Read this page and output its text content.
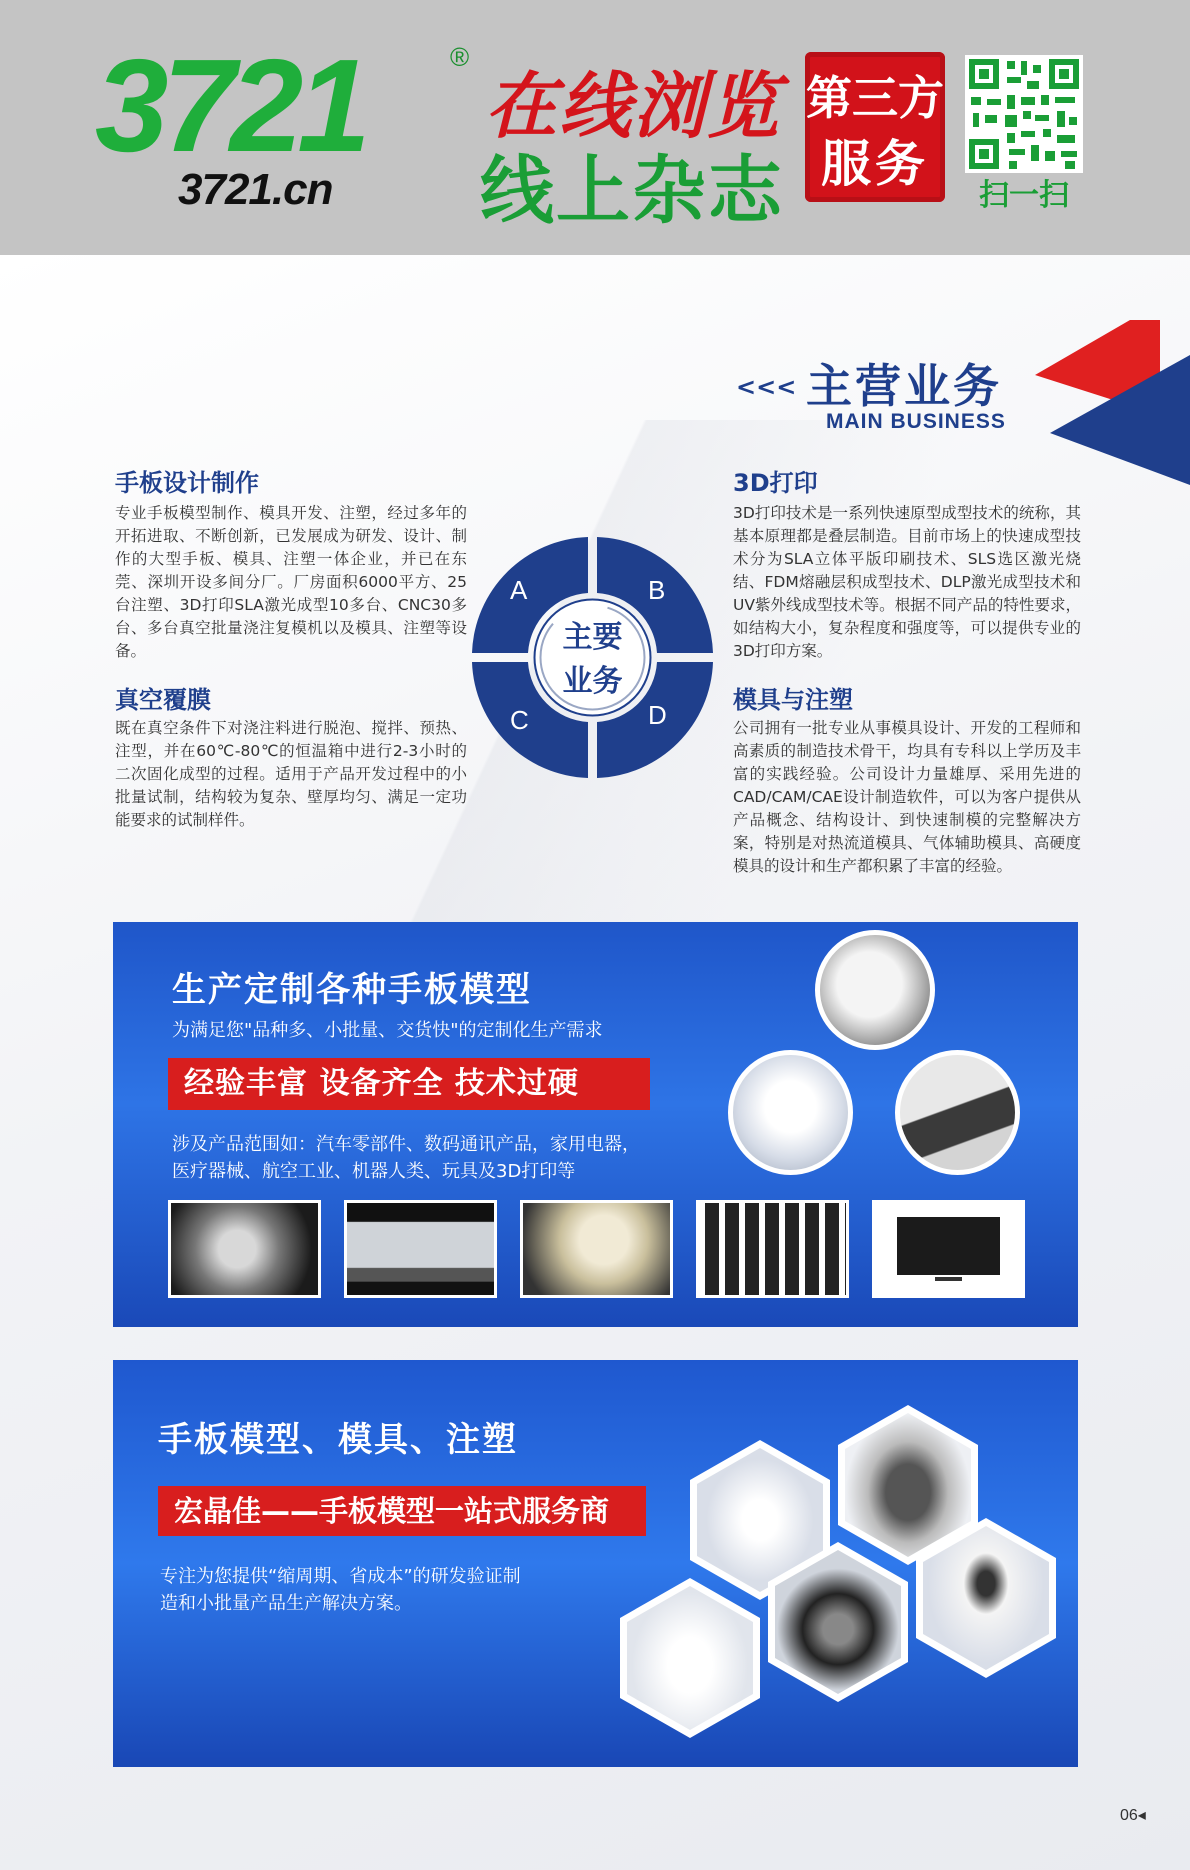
3721	®
3721.cn
在线浏览
线上杂志
第三方
服务
扫一扫
<<< 主营业务
MAIN BUSINESS
手板设计制作
专业手板模型制作、模具开发、注塑，经过多年的开拓进取、不断创新，已发展成为研发、设计、制作的大型手板、模具、注塑一体企业，并已在东莞、深圳开设多间分厂。厂房面积6000平方、25台注塑、3D打印SLA激光成型10多台、CNC30多台、多台真空批量浇注复模机以及模具、注塑等设备。
真空覆膜
既在真空条件下对浇注料进行脱泡、搅拌、预热、注型，并在60℃-80℃的恒温箱中进行2-3小时的二次固化成型的过程。适用于产品开发过程中的小批量试制，结构较为复杂、壁厚均匀、满足一定功能要求的试制样件。
3D打印
3D打印技术是一系列快速原型成型技术的统称，其基本原理都是叠层制造。目前市场上的快速成型技术分为SLA立体平版印刷技术、SLS选区激光烧结、FDM熔融层积成型技术、DLP激光成型技术和UV紫外线成型技术等。根据不同产品的特性要求，如结构大小，复杂程度和强度等，可以提供专业的3D打印方案。
模具与注塑
公司拥有一批专业从事模具设计、开发的工程师和高素质的制造技术骨干，均具有专科以上学历及丰富的实践经验。公司设计力量雄厚、采用先进的CAD/CAM/CAE设计制造软件，可以为客户提供从产品概念、结构设计、到快速制模的完整解决方案，特别是对热流道模具、气体辅助模具、高硬度模具的设计和生产都积累了丰富的经验。
主要
业务
A	B
C	D
生产定制各种手板模型
为满足您"品种多、小批量、交货快"的定制化生产需求
经验丰富 设备齐全 技术过硬
涉及产品范围如：汽车零部件、数码通讯产品，家用电器，
医疗器械、航空工业、机器人类、玩具及3D打印等
手板模型、模具、注塑
宏晶佳——手板模型一站式服务商
专注为您提供“缩周期、省成本”的研发验证制
造和小批量产品生产解决方案。
06◂
